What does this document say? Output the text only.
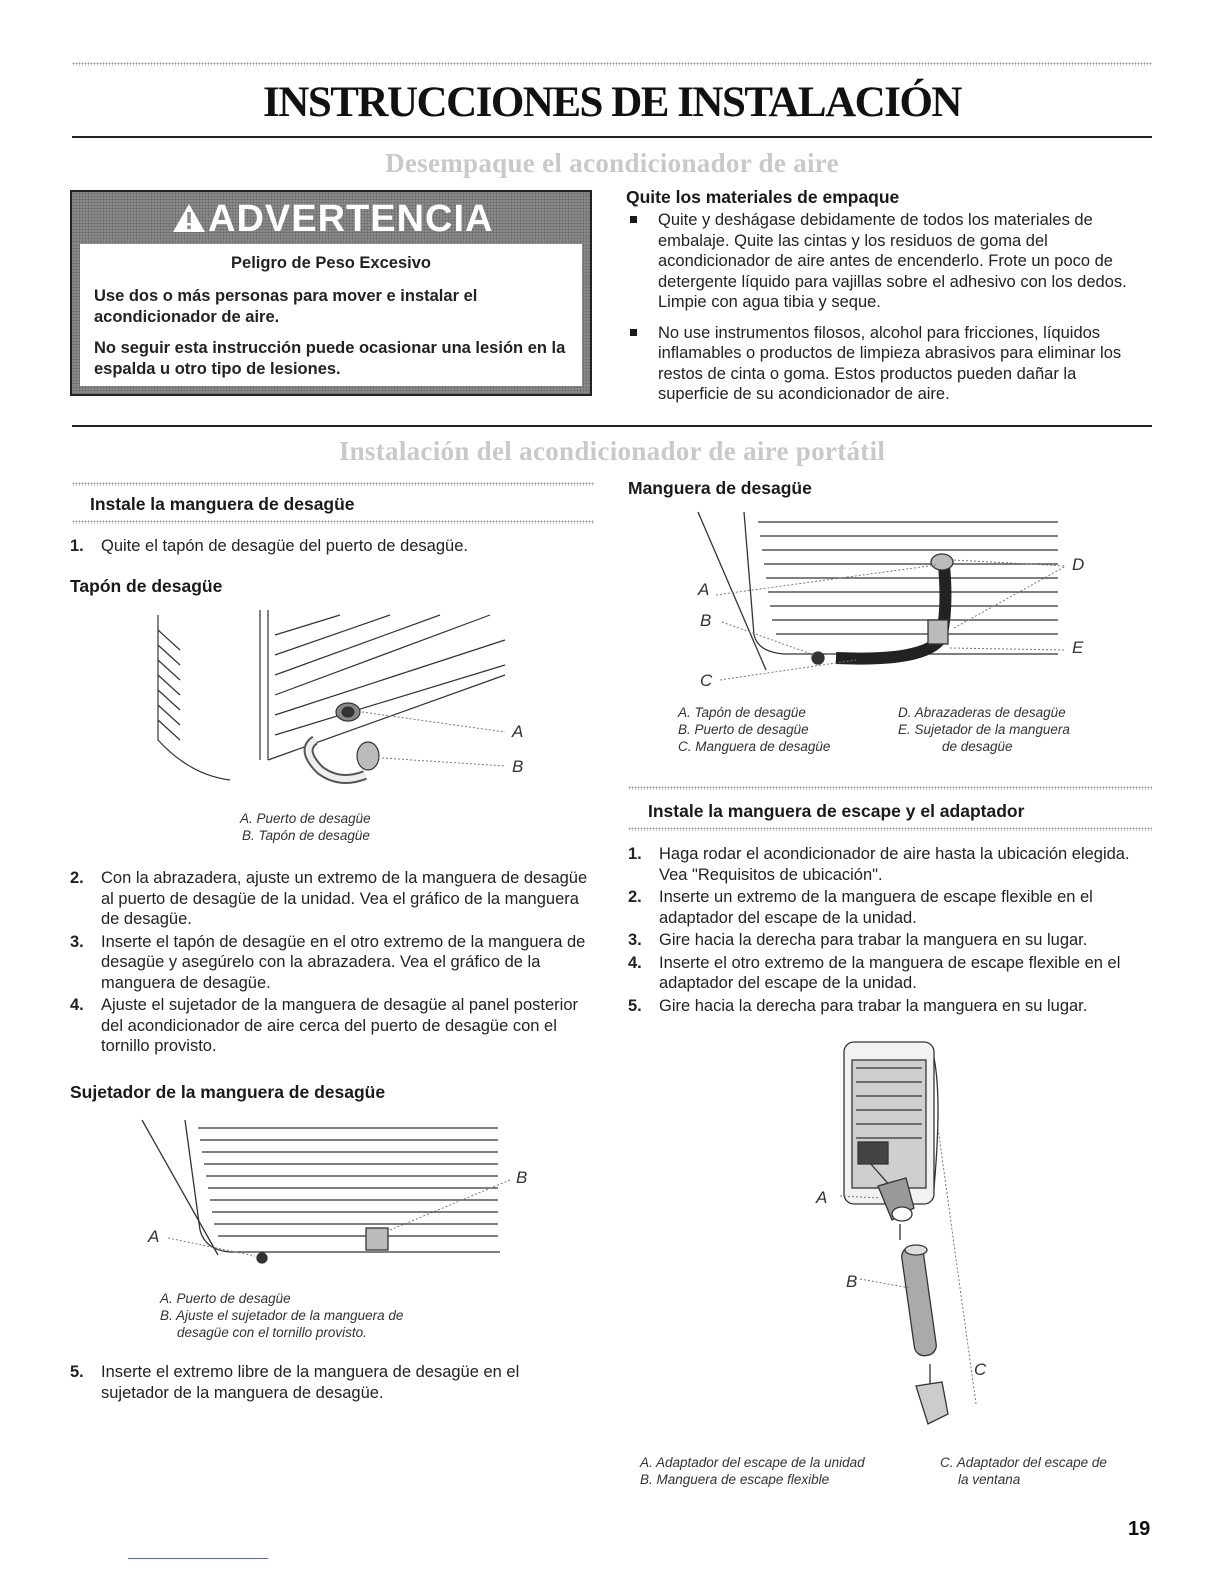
INSTRUCCIONES DE INSTALACIÓN
Desempaque el acondicionador de aire
ADVERTENCIA
Peligro de Peso Excesivo

Use dos o más personas para mover e instalar el acondicionador de aire.

No seguir esta instrucción puede ocasionar una lesión en la espalda u otro tipo de lesiones.

Quite los materiales de empaque
Quite y deshágase debidamente de todos los materiales de embalaje. Quite las cintas y los residuos de goma del acondicionador de aire antes de encenderlo. Frote un poco de detergente líquido para vajillas sobre el adhesivo con los dedos. Limpie con agua tibia y seque.
No use instrumentos filosos, alcohol para fricciones, líquidos inflamables o productos de limpieza abrasivos para eliminar los restos de cinta o goma. Estos productos pueden dañar la superficie de su acondicionador de aire.
Instalación del acondicionador de aire portátil
Instale la manguera de desagüe
1. Quite el tapón de desagüe del puerto de desagüe.
Tapón de desagüe
A
B
A. Puerto de desagüe
B. Tapón de desagüe
2. Con la abrazadera, ajuste un extremo de la manguera de desagüe al puerto de desagüe de la unidad. Vea el gráfico de la manguera de desagüe.
3. Inserte el tapón de desagüe en el otro extremo de la manguera de desagüe y asegúrelo con la abrazadera. Vea el gráfico de la manguera de desagüe.
4. Ajuste el sujetador de la manguera de desagüe al panel posterior del acondicionador de aire cerca del puerto de desagüe con el tornillo provisto.
Sujetador de la manguera de desagüe
A
B
A. Puerto de desagüe
B. Ajuste el sujetador de la manguera de
desagüe con el tornillo provisto.
5. Inserte el extremo libre de la manguera de desagüe en el sujetador de la manguera de desagüe.
Manguera de desagüe
A
B
C
D
E
A. Tapón de desagüe
B. Puerto de desagüe
C. Manguera de desagüe
D. Abrazaderas de desagüe
E. Sujetador de la manguera
de desagüe
Instale la manguera de escape y el adaptador
1. Haga rodar el acondicionador de aire hasta la ubicación elegida. Vea "Requisitos de ubicación".
2. Inserte un extremo de la manguera de escape flexible en el adaptador del escape de la unidad.
3. Gire hacia la derecha para trabar la manguera en su lugar.
4. Inserte el otro extremo de la manguera de escape flexible en el adaptador del escape de la unidad.
5. Gire hacia la derecha para trabar la manguera en su lugar.
A
B
C
A. Adaptador del escape de la unidad
B. Manguera de escape flexible
C. Adaptador del escape de
la ventana
19
